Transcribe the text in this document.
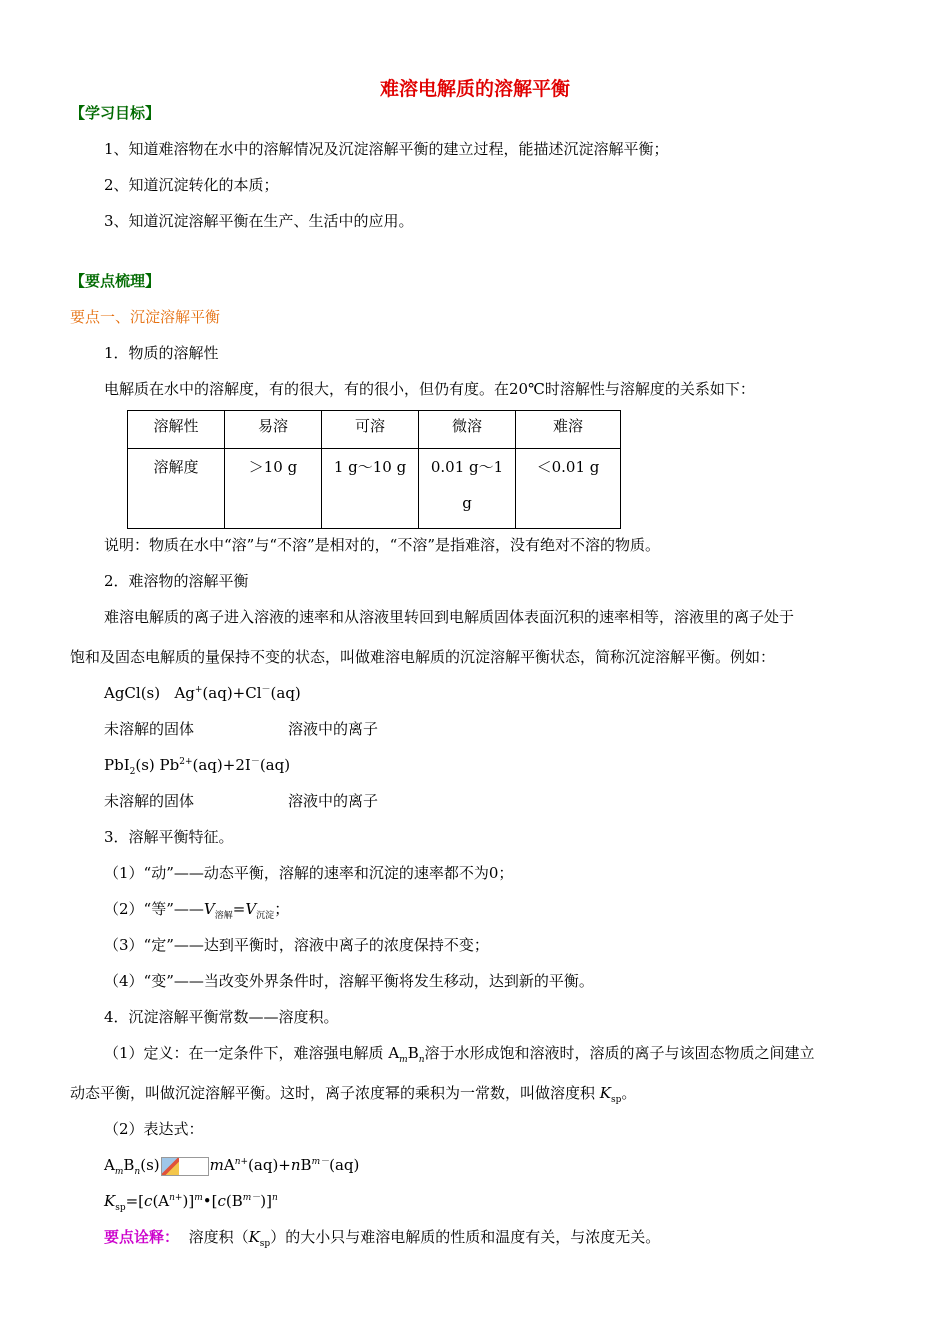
难溶电解质的溶解平衡
【学习目标】
1、知道难溶物在水中的溶解情况及沉淀溶解平衡的建立过程，能描述沉淀溶解平衡；
2、知道沉淀转化的本质；
3、知道沉淀溶解平衡在生产、生活中的应用。
【要点梳理】
要点一、沉淀溶解平衡
1．物质的溶解性
电解质在水中的溶解度，有的很大，有的很小，但仍有度。在20℃时溶解性与溶解度的关系如下：
溶解性	易溶	可溶	微溶	难溶
溶解度	＞10 g	1 g～10 g	0.01 g～1 g	＜0.01 g
说明：物质在水中“溶”与“不溶”是相对的，“不溶”是指难溶，没有绝对不溶的物质。
2．难溶物的溶解平衡
难溶电解质的离子进入溶液的速率和从溶液里转回到电解质固体表面沉积的速率相等，溶液里的离子处于
饱和及固态电解质的量保持不变的状态，叫做难溶电解质的沉淀溶解平衡状态，简称沉淀溶解平衡。例如：
AgCl(s) Ag+(aq)+Cl－(aq)
未溶解的固体	溶液中的离子
PbI$_2$(s) $Pb^{2+}(aq)+2I^-(aq)$
未溶解的固体	溶液中的离子
3．溶解平衡特征。
（1）“动”——动态平衡，溶解的速率和沉淀的速率都不为0；
（2）“等$”——V_{溶解}=V_{沉淀}$；
（3）“定”——达到平衡时，溶液中离子的浓度保持不变；
（4）“变”——当改变外界条件时，溶解平衡将发生移动，达到新的平衡。
4．沉淀溶解平衡常数——溶度积。
（1）定义：在一定条件下，难溶强电解质 $A_mB_n$溶于水形成饱和溶液时，溶质的离子与该固态物质之间建立
动态平衡，叫做沉淀溶解平衡。这时，离子浓度幂的乘积为一常数，叫做溶度积 $K_{sp}$。
（2）表达式：
$A_mB_n(s)$	$mA^{n+}(aq)+nB^{m-}(aq)$
$K_{sp}=[c(A^{n+})]^m•[c(B^{m-})]^n$
要点诠释： 溶度积$(K_{sp})$的大小只与难溶电解质的性质和温度有关，与浓度无关。
